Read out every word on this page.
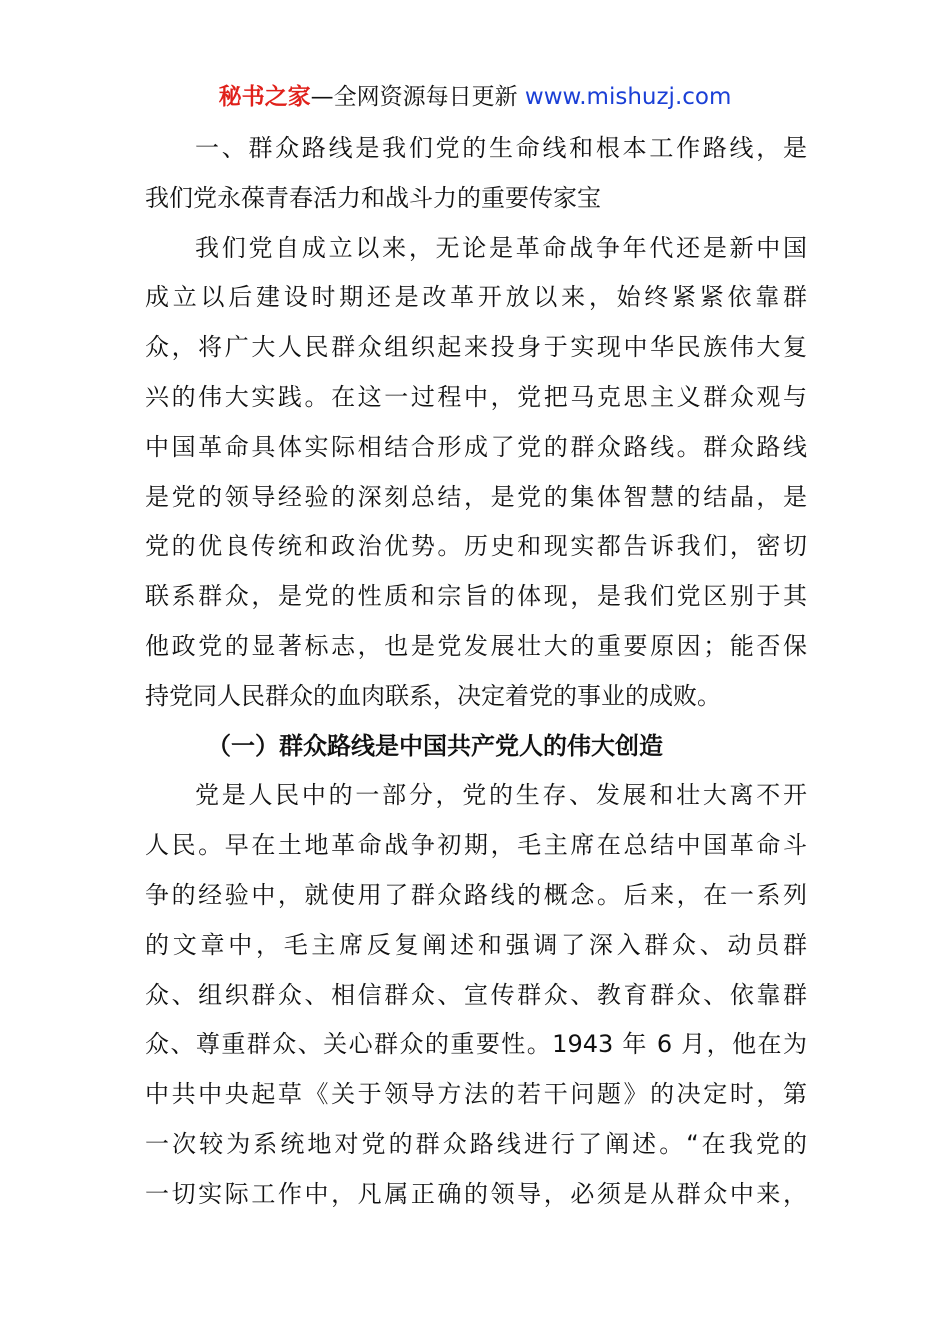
秘书之家—全网资源每日更新 www.mishuzj.com
一、群众路线是我们党的生命线和根本工作路线，是
我们党永葆青春活力和战斗力的重要传家宝
我们党自成立以来，无论是革命战争年代还是新中国
成立以后建设时期还是改革开放以来，始终紧紧依靠群
众，将广大人民群众组织起来投身于实现中华民族伟大复
兴的伟大实践。在这一过程中，党把马克思主义群众观与
中国革命具体实际相结合形成了党的群众路线。群众路线
是党的领导经验的深刻总结，是党的集体智慧的结晶，是
党的优良传统和政治优势。历史和现实都告诉我们，密切
联系群众，是党的性质和宗旨的体现，是我们党区别于其
他政党的显著标志，也是党发展壮大的重要原因；能否保
持党同人民群众的血肉联系，决定着党的事业的成败。
（一）群众路线是中国共产党人的伟大创造
党是人民中的一部分，党的生存、发展和壮大离不开
人民。早在土地革命战争初期，毛主席在总结中国革命斗
争的经验中，就使用了群众路线的概念。后来，在一系列
的文章中，毛主席反复阐述和强调了深入群众、动员群
众、组织群众、相信群众、宣传群众、教育群众、依靠群
众、尊重群众、关心群众的重要性。1943 年 6 月，他在为
中共中央起草《关于领导方法的若干问题》的决定时，第
一次较为系统地对党的群众路线进行了阐述。“在我党的
一切实际工作中，凡属正确的领导，必须是从群众中来，
